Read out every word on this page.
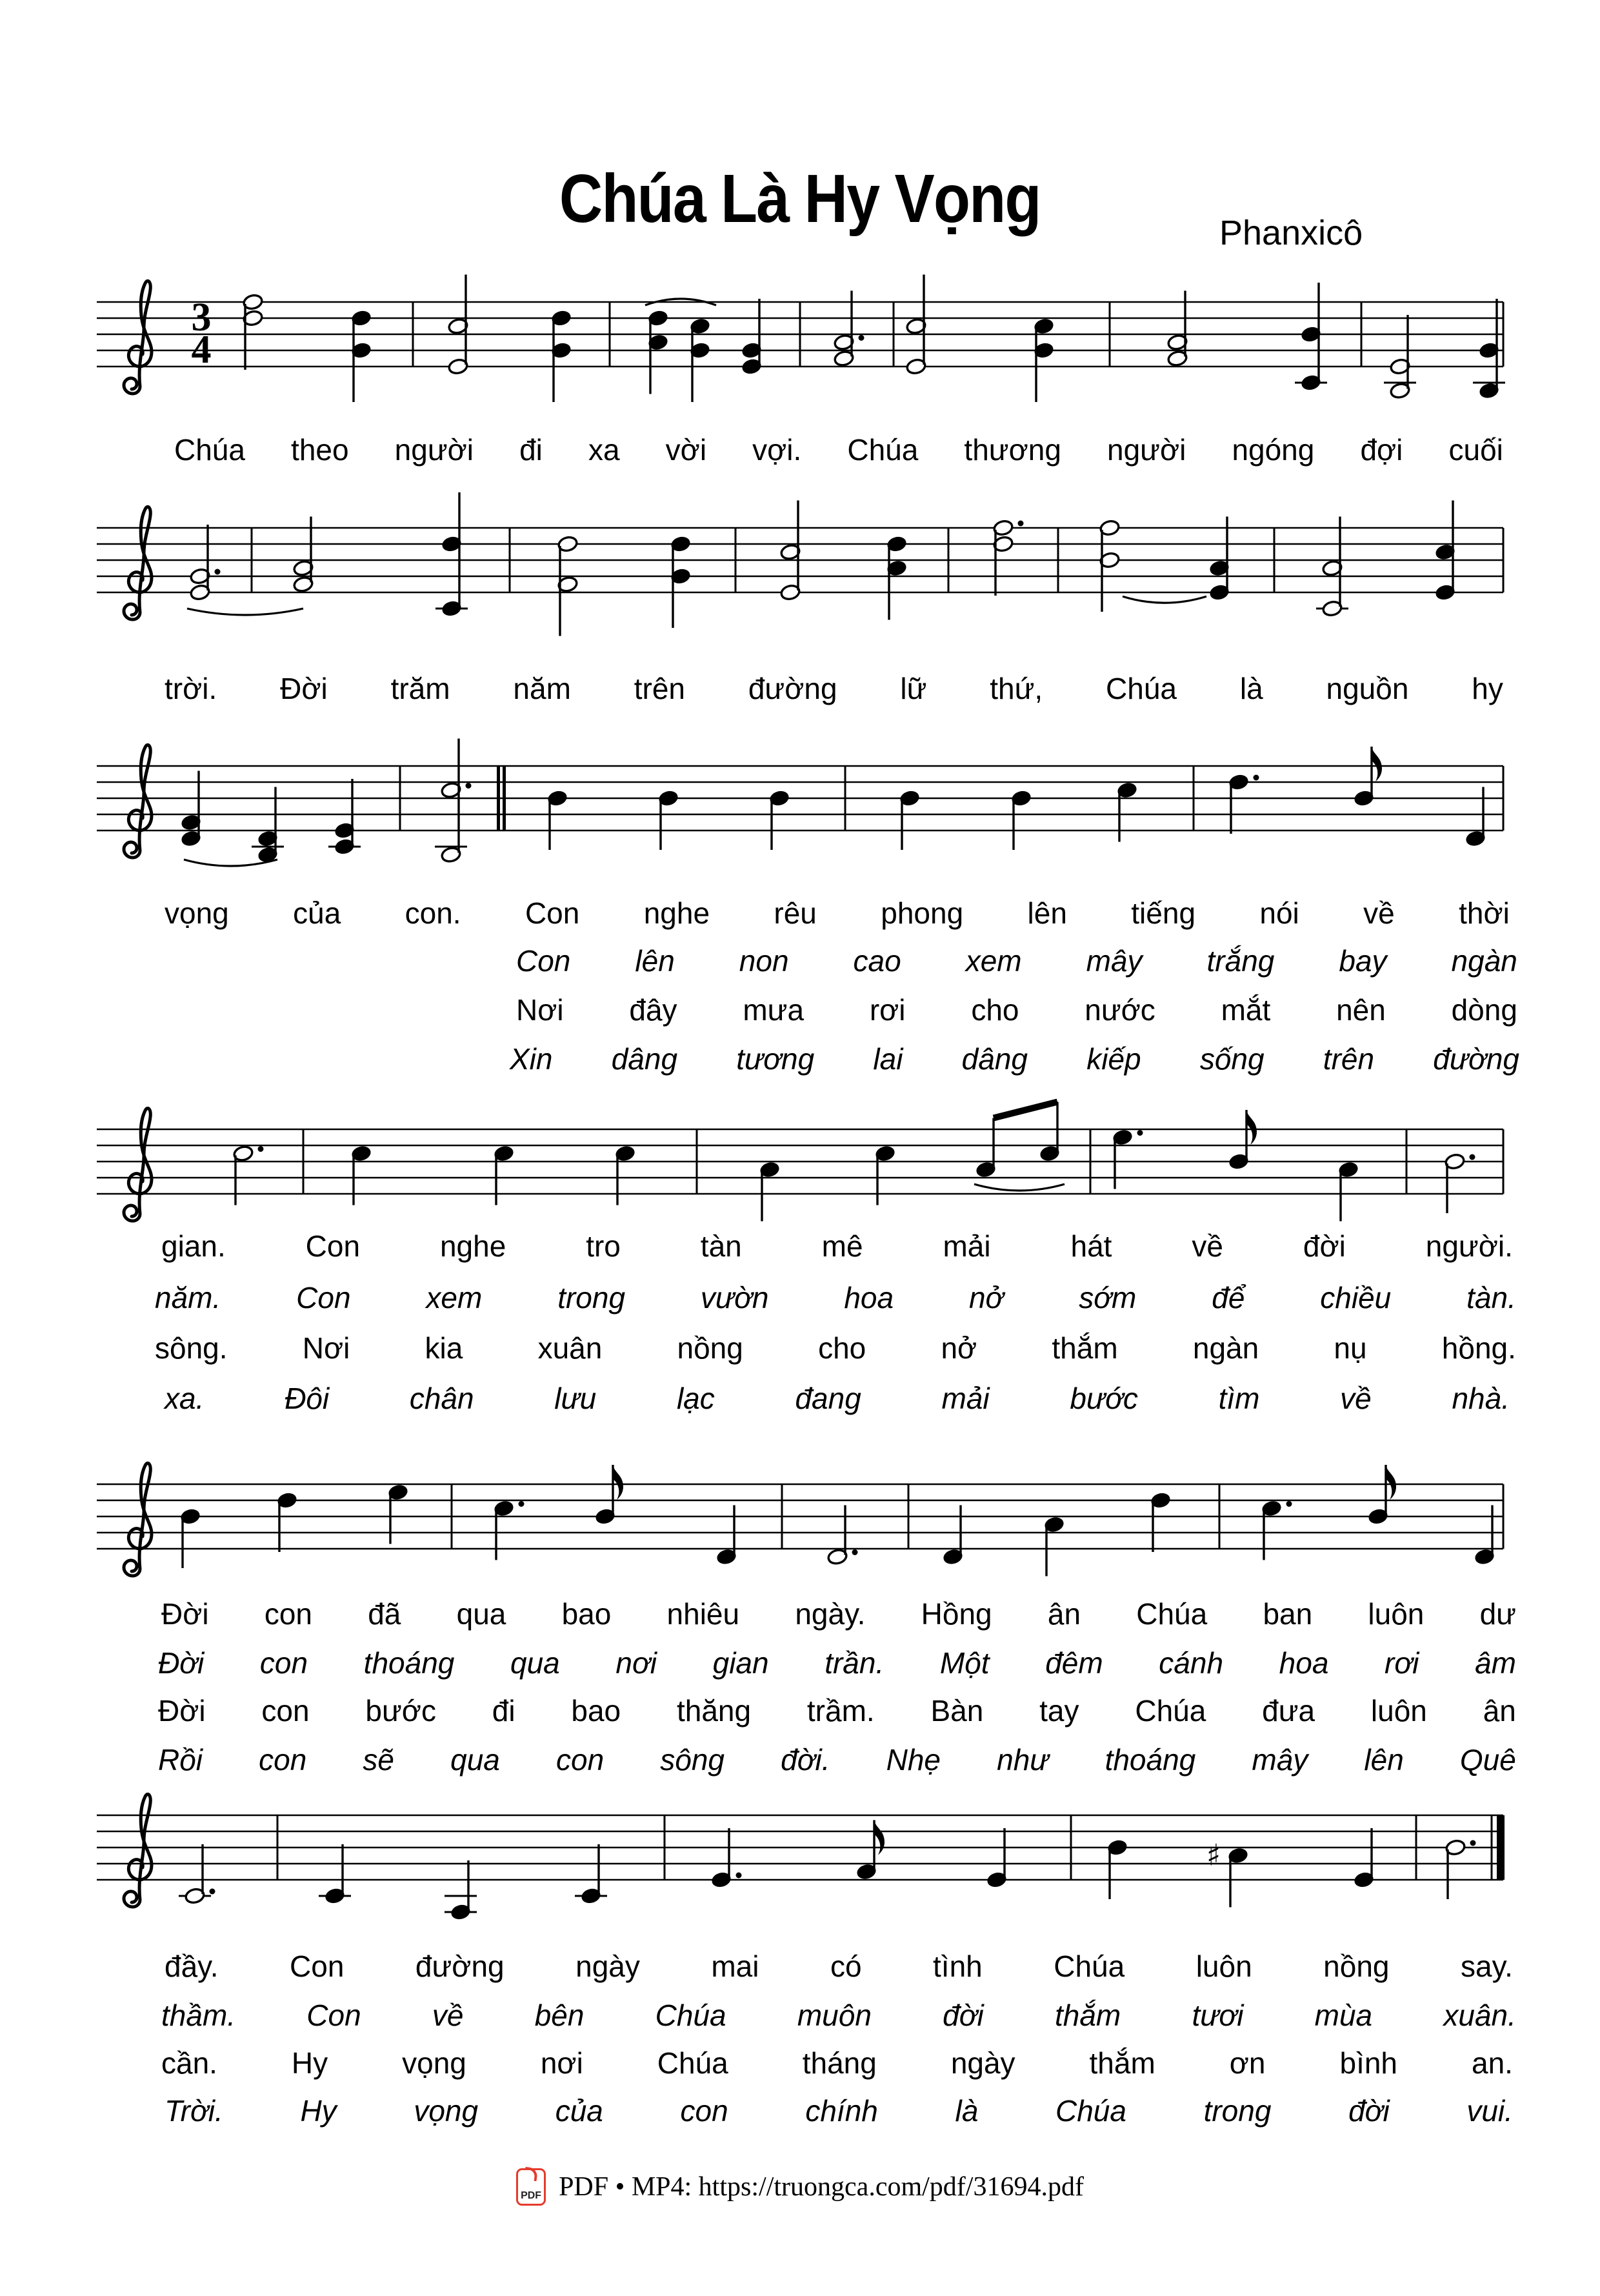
Chúa Là Hy Vọng	Phanxicô
3
4
♯
PDF PDF • MP4: https://truongca.com/pdf/31694.pdf
Chúa theo người đi xa vời vợi. Chúa thương người ngóng đợi cuối
trời. Đời trăm năm trên đường lữ thứ, Chúa là nguồn hy
vọng của con. Con nghe rêu phong lên tiếng nói về thời
Con lên non cao xem mây trắng bay ngàn
Nơi đây mưa rơi cho nước mắt nên dòng
Xin dâng tương lai dâng kiếp sống trên đường
gian.	Con	nghe	tro	tàn	mê	mải	hát	về	đời	người.
năm.	Con	xem	trong	vườn	hoa	nở	sớm	để	chiều	tàn.
sông.	Nơi	kia	xuân	nồng	cho	nở	thắm	ngàn	nụ	hồng.
xa.	Đôi	chân	lưu	lạc	đang	mải	bước	tìm	về	nhà.
Đời con đã qua bao nhiêu ngày. Hồng ân Chúa ban luôn dư
Đời con thoáng qua nơi gian trần. Một đêm cánh hoa rơi âm
Đời con bước đi bao thăng trầm. Bàn tay Chúa đưa luôn ân
Rồi con sẽ qua con sông đời. Nhẹ như thoáng mây lên Quê
đầy. Con đường ngày mai có tình Chúa luôn nồng say.
thầm. Con về bên Chúa muôn đời thắm tươi mùa xuân.
cần. Hy vọng nơi Chúa tháng ngày thắm ơn bình an.
Trời.	Hy	vọng	của	con	chính	là	Chúa	trong	đời	vui.
